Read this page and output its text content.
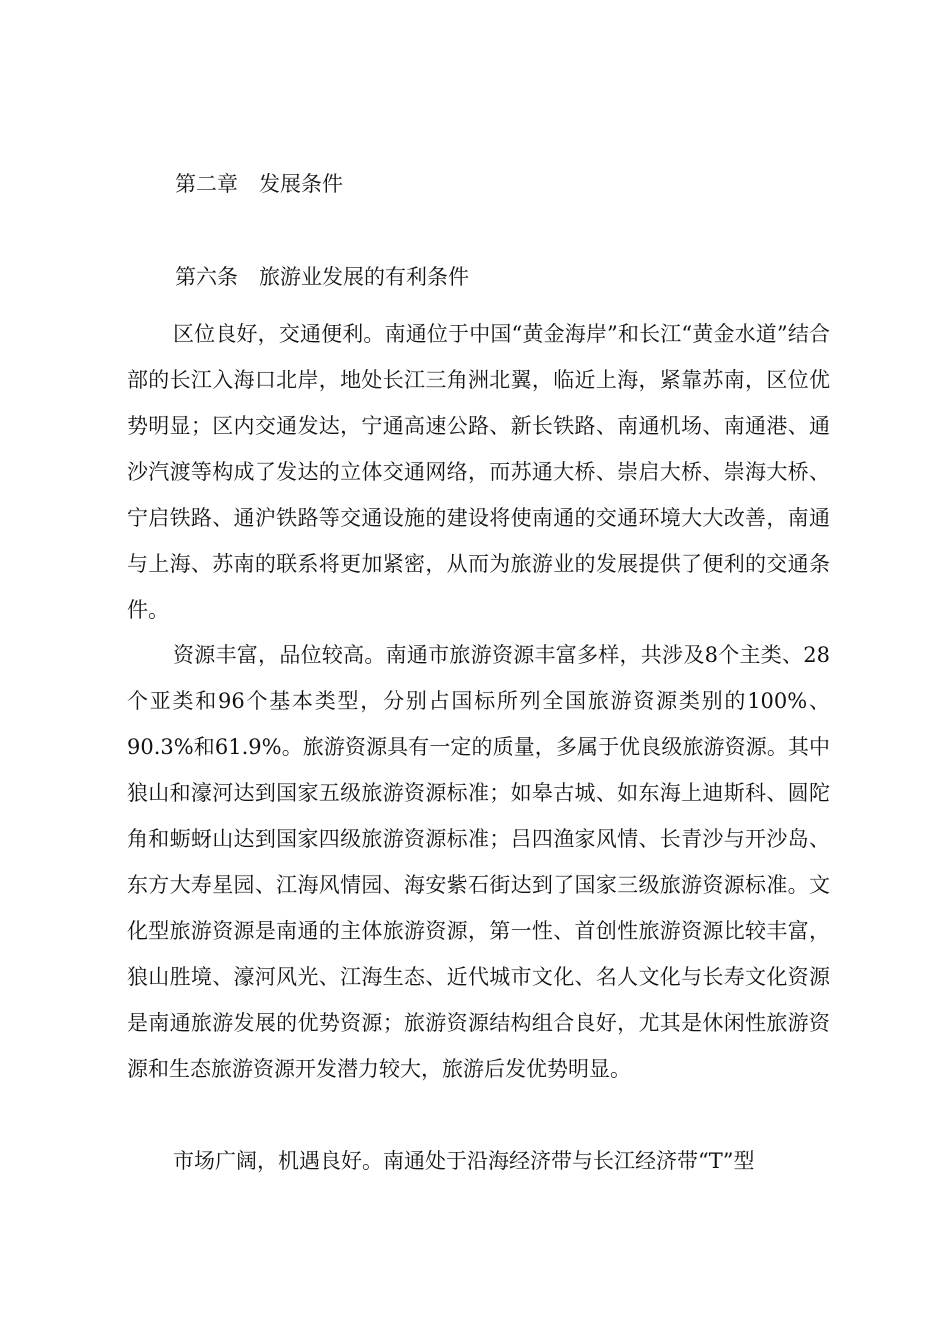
第二章　发展条件
第六条　旅游业发展的有利条件

区位良好，交通便利。南通位于中国“黄金海岸”和长江“黄金水道”结合部的长江入海口北岸，地处长江三角洲北翼，临近上海，紧靠苏南，区位优势明显；区内交通发达，宁通高速公路、新长铁路、南通机场、南通港、通沙汽渡等构成了发达的立体交通网络，而苏通大桥、崇启大桥、崇海大桥、宁启铁路、通沪铁路等交通设施的建设将使南通的交通环境大大改善，南通与上海、苏南的联系将更加紧密，从而为旅游业的发展提供了便利的交通条件。

资源丰富，品位较高。南通市旅游资源丰富多样，共涉及8个主类、28个亚类和96个基本类型，分别占国标所列全国旅游资源类别的100%、90.3%和61.9%。旅游资源具有一定的质量，多属于优良级旅游资源。其中狼山和濠河达到国家五级旅游资源标准；如皋古城、如东海上迪斯科、圆陀角和蛎蚜山达到国家四级旅游资源标准；吕四渔家风情、长青沙与开沙岛、东方大寿星园、江海风情园、海安紫石街达到了国家三级旅游资源标准。文化型旅游资源是南通的主体旅游资源，第一性、首创性旅游资源比较丰富，狼山胜境、濠河风光、江海生态、近代城市文化、名人文化与长寿文化资源是南通旅游发展的优势资源；旅游资源结构组合良好，尤其是休闲性旅游资源和生态旅游资源开发潜力较大，旅游后发优势明显。

市场广阔，机遇良好。南通处于沿海经济带与长江经济带“T”型
